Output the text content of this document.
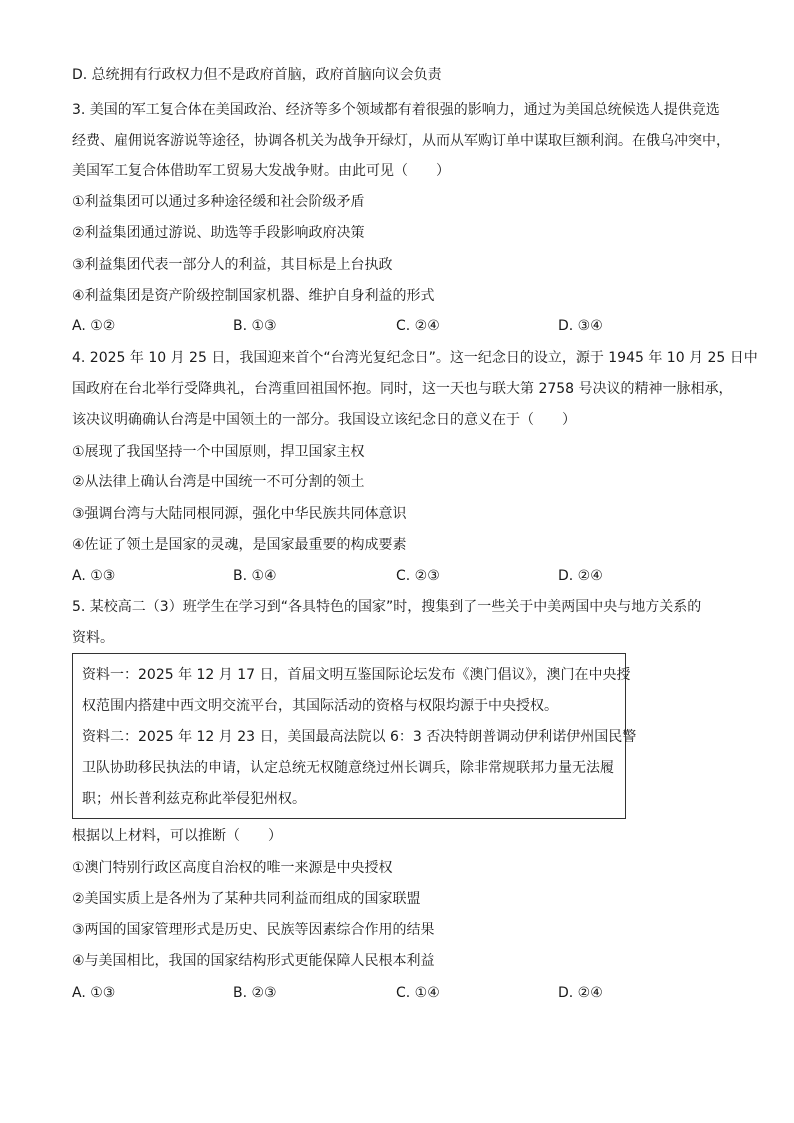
D. 总统拥有行政权力但不是政府首脑，政府首脑向议会负责
3. 美国的军工复合体在美国政治、经济等多个领域都有着很强的影响力，通过为美国总统候选人提供竞选
经费、雇佣说客游说等途径，协调各机关为战争开绿灯，从而从军购订单中谋取巨额利润。在俄乌冲突中，
美国军工复合体借助军工贸易大发战争财。由此可见（　　）
①利益集团可以通过多种途径缓和社会阶级矛盾
②利益集团通过游说、助选等手段影响政府决策
③利益集团代表一部分人的利益，其目标是上台执政
④利益集团是资产阶级控制国家机器、维护自身利益的形式
A. ①②	B. ①③	C. ②④	D. ③④
4. 2025 年 10 月 25 日，我国迎来首个“台湾光复纪念日”。这一纪念日的设立，源于 1945 年 10 月 25 日中
国政府在台北举行受降典礼，台湾重回祖国怀抱。同时，这一天也与联大第 2758 号决议的精神一脉相承，
该决议明确确认台湾是中国领土的一部分。我国设立该纪念日的意义在于（　　）
①展现了我国坚持一个中国原则，捍卫国家主权
②从法律上确认台湾是中国统一不可分割的领土
③强调台湾与大陆同根同源，强化中华民族共同体意识
④佐证了领土是国家的灵魂，是国家最重要的构成要素
A. ①③	B. ①④	C. ②③	D. ②④
5. 某校高二（3）班学生在学习到“各具特色的国家”时，搜集到了一些关于中美两国中央与地方关系的
资料。
资料一：2025 年 12 月 17 日，首届文明互鉴国际论坛发布《澳门倡议》，澳门在中央授
权范围内搭建中西文明交流平台，其国际活动的资格与权限均源于中央授权。
资料二：2025 年 12 月 23 日，美国最高法院以 6：3 否决特朗普调动伊利诺伊州国民警
卫队协助移民执法的申请，认定总统无权随意绕过州长调兵，除非常规联邦力量无法履
职；州长普利兹克称此举侵犯州权。
根据以上材料，可以推断（　　）
①澳门特别行政区高度自治权的唯一来源是中央授权
②美国实质上是各州为了某种共同利益而组成的国家联盟
③两国的国家管理形式是历史、民族等因素综合作用的结果
④与美国相比，我国的国家结构形式更能保障人民根本利益
A. ①③	B. ②③	C. ①④	D. ②④
